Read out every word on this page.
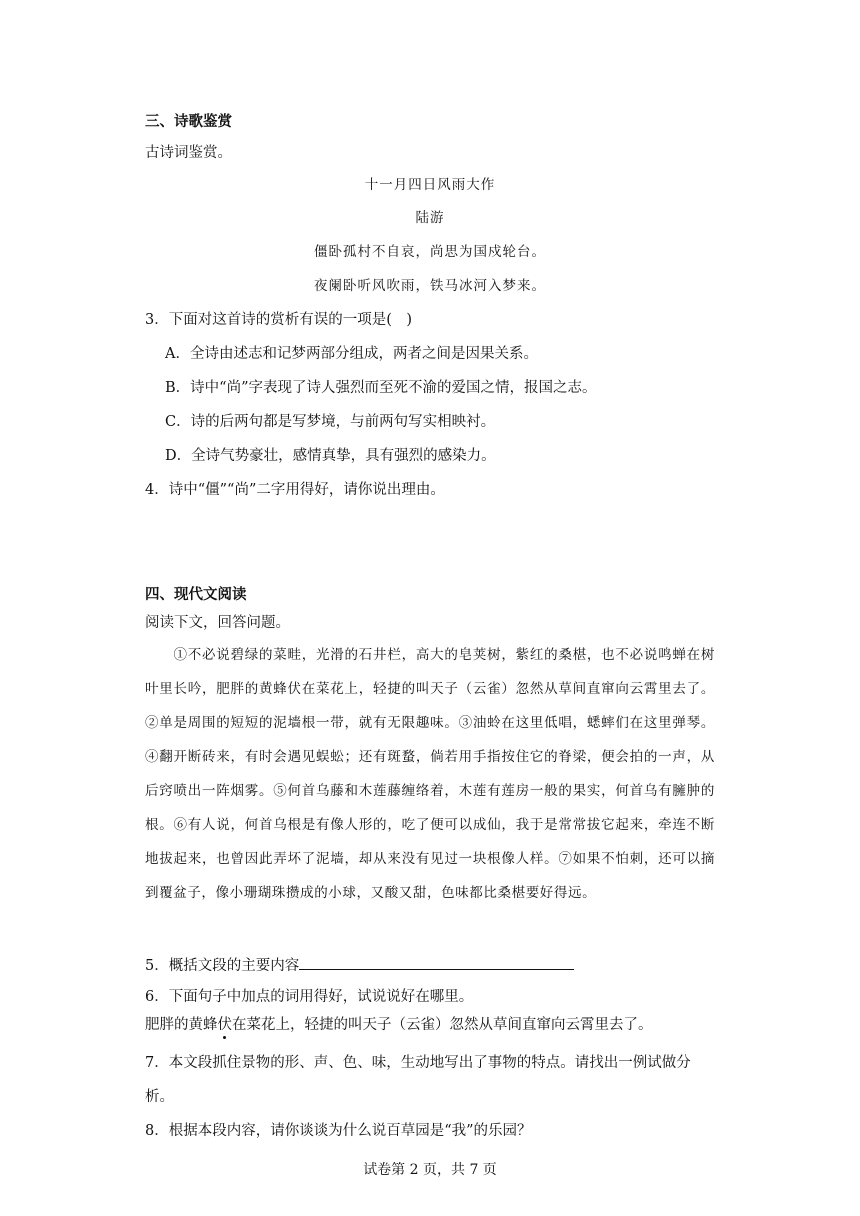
三、诗歌鉴赏
古诗词鉴赏。
十一月四日风雨大作
陆游
僵卧孤村不自哀，尚思为国戍轮台。
夜阑卧听风吹雨，铁马冰河入梦来。
3．下面对这首诗的赏析有误的一项是(　)
A．全诗由述志和记梦两部分组成，两者之间是因果关系。
B．诗中“尚”字表现了诗人强烈而至死不渝的爱国之情，报国之志。
C．诗的后两句都是写梦境，与前两句写实相映衬。
D．全诗气势豪壮，感情真挚，具有强烈的感染力。
4．诗中“僵”“尚”二字用得好，请你说出理由。
四、现代文阅读
阅读下文，回答问题。
　　①不必说碧绿的菜畦，光滑的石井栏，高大的皂荚树，紫红的桑椹，也不必说鸣蝉在树叶里长吟，肥胖的黄蜂伏在菜花上，轻捷的叫天子（云雀）忽然从草间直窜向云霄里去了。②单是周围的短短的泥墙根一带，就有无限趣味。③油蛉在这里低唱，蟋蟀们在这里弹琴。④翻开断砖来，有时会遇见蜈蚣；还有斑蝥，倘若用手指按住它的脊梁，便会拍的一声，从后窍喷出一阵烟雾。⑤何首乌藤和木莲藤缠络着，木莲有莲房一般的果实，何首乌有臃肿的根。⑥有人说，何首乌根是有像人形的，吃了便可以成仙，我于是常常拔它起来，牵连不断地拔起来，也曾因此弄坏了泥墙，却从来没有见过一块根像人样。⑦如果不怕刺，还可以摘到覆盆子，像小珊瑚珠攒成的小球，又酸又甜，色味都比桑椹要好得远。
5．概括文段的主要内容
6．下面句子中加点的词用得好，试说说好在哪里。
肥胖的黄蜂伏在菜花上，轻捷的叫天子（云雀）忽然从草间直窜向云霄里去了。
7．本文段抓住景物的形、声、色、味，生动地写出了事物的特点。请找出一例试做分
析。
8．根据本段内容，请你谈谈为什么说百草园是“我”的乐园？
试卷第 2 页，共 7 页
